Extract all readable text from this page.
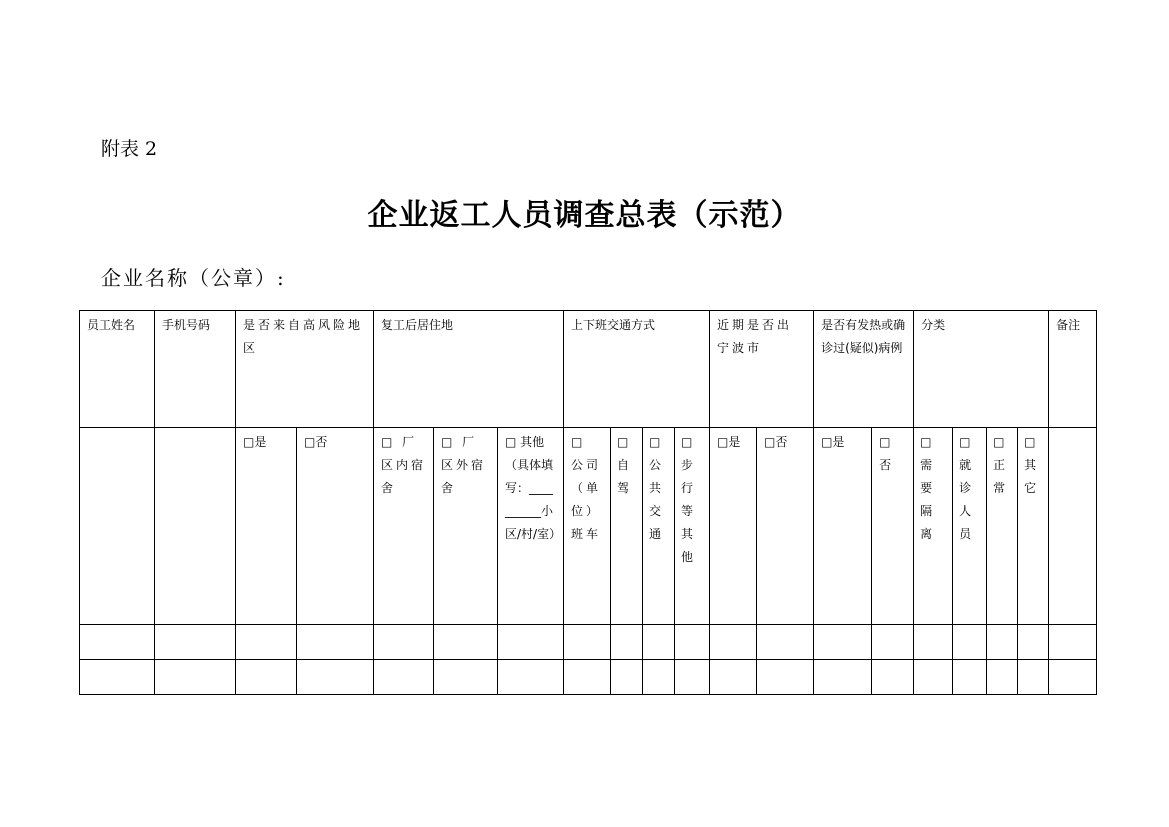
附表 2
企业返工人员调查总表（示范）
企业名称（公章）:
员工姓名	手机号码	是否来自高风险地区		复工后居住地			上下班交通方式				近期是否出宁波市		是否有发热或确诊过(疑似)病例		分类				备注
		□是	□否	□ 厂区内宿舍	□ 厂区外宿舍	□ 其他（具体填写：__________小区/村/室）	□ 公司（单位）班车	□ 自驾	□ 公共交通	□ 步行等其他	□是	□否	□是	□ 否	□ 需要隔离	□ 就诊人员	□ 正常	□ 其它	
